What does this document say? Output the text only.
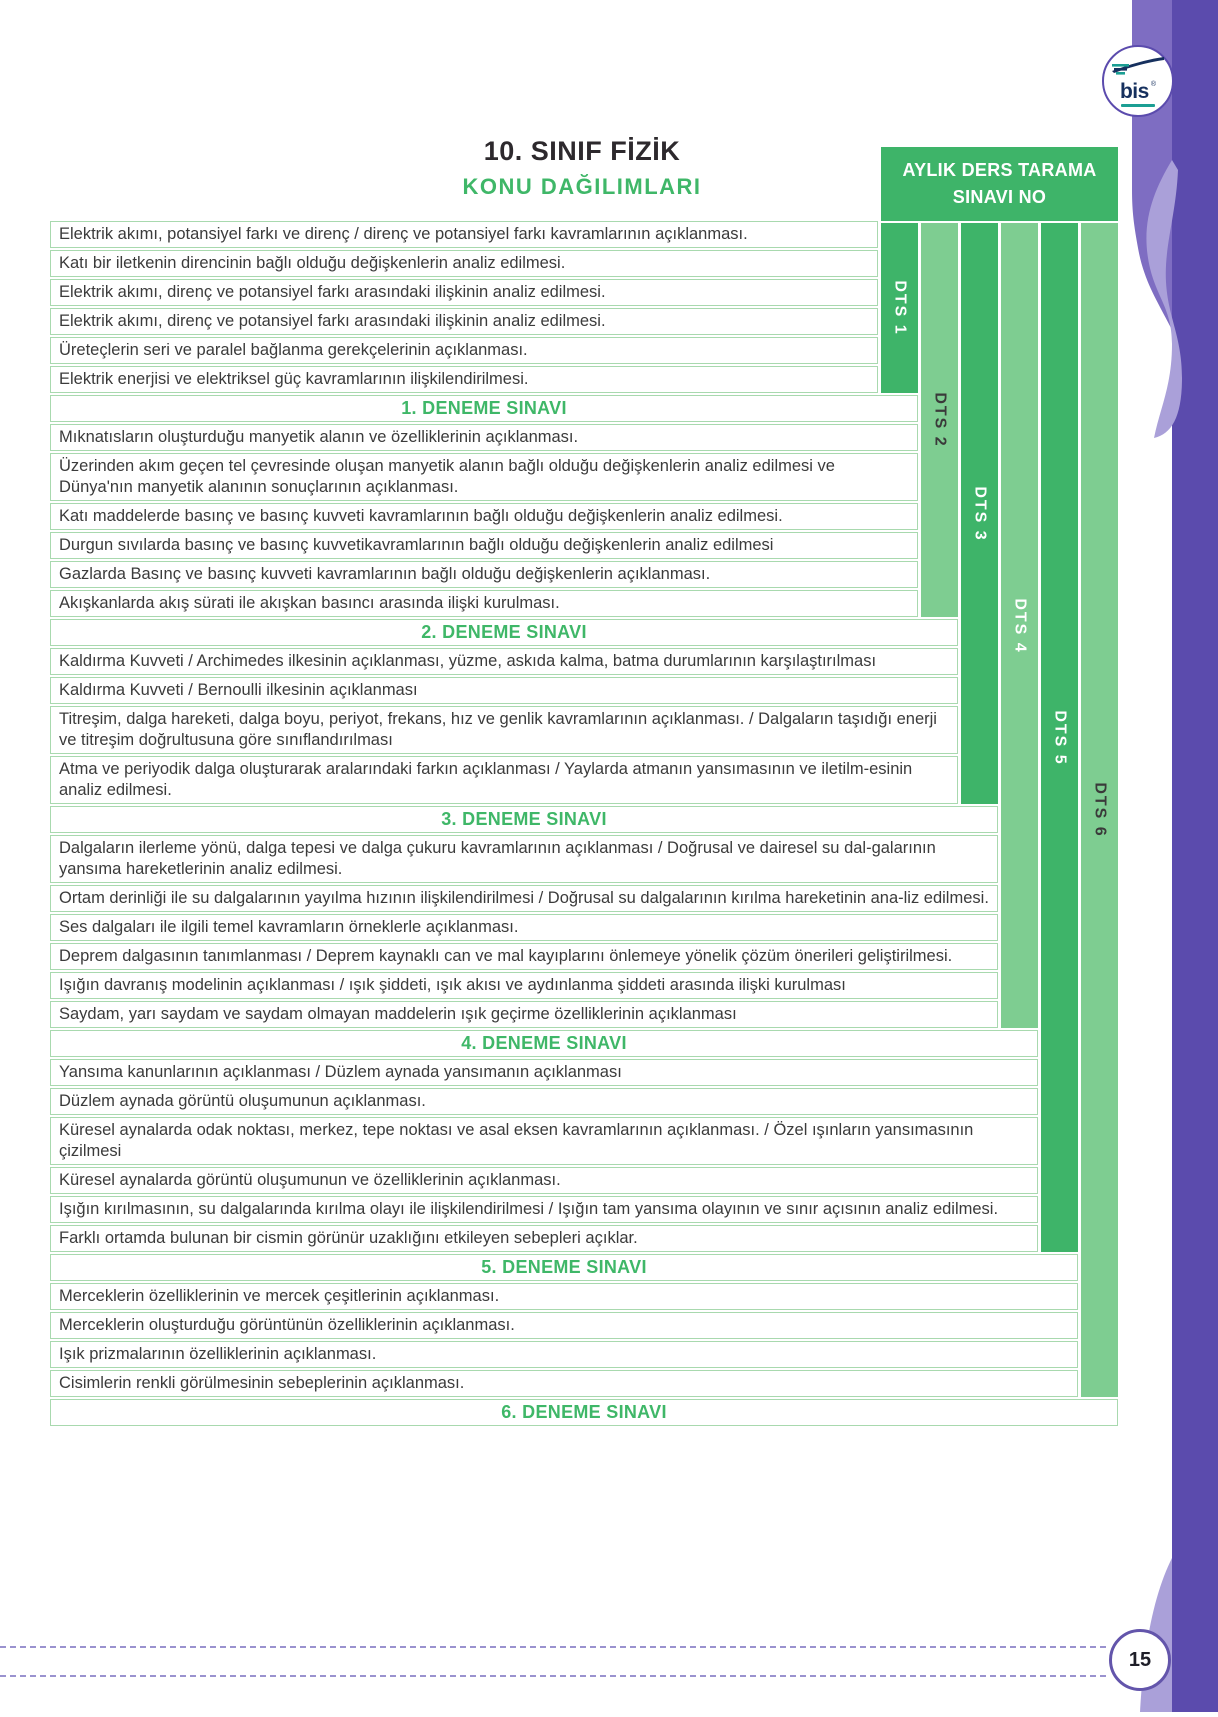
bis ®
10. SINIF FİZİK
KONU DAĞILIMLARI
AYLIK DERS TARAMA
SINAVI NO
Elektrik akımı, potansiyel farkı ve direnç / direnç ve potansiyel farkı kavramlarının açıklanması.
Katı bir iletkenin direncinin bağlı olduğu değişkenlerin analiz edilmesi.
Elektrik akımı, direnç ve potansiyel farkı arasındaki ilişkinin analiz edilmesi.
Elektrik akımı, direnç ve potansiyel farkı arasındaki ilişkinin analiz edilmesi.
Üreteçlerin seri ve paralel bağlanma gerekçelerinin açıklanması.
Elektrik enerjisi ve elektriksel güç kavramlarının ilişkilendirilmesi.
1. DENEME SINAVI
Mıknatısların oluşturduğu manyetik alanın ve özelliklerinin açıklanması.
Üzerinden akım geçen tel çevresinde oluşan manyetik alanın bağlı olduğu değişkenlerin analiz edilmesi ve Dünya'nın manyetik alanının sonuçlarının açıklanması.
Katı maddelerde basınç ve basınç kuvveti kavramlarının bağlı olduğu değişkenlerin analiz edilmesi.
Durgun sıvılarda basınç ve basınç kuvvetikavramlarının bağlı olduğu değişkenlerin analiz edilmesi
Gazlarda Basınç ve basınç kuvveti kavramlarının bağlı olduğu değişkenlerin açıklanması.
Akışkanlarda akış sürati ile akışkan basıncı arasında ilişki kurulması.
2. DENEME SINAVI
Kaldırma Kuvveti / Archimedes ilkesinin açıklanması, yüzme, askıda kalma, batma durumlarının karşılaştırılması
Kaldırma Kuvveti / Bernoulli ilkesinin açıklanması
Titreşim, dalga hareketi, dalga boyu, periyot, frekans, hız ve genlik kavramlarının açıklanması. / Dalgaların taşıdığı enerji ve titreşim doğrultusuna göre sınıflandırılması
Atma ve periyodik dalga oluşturarak aralarındaki farkın açıklanması / Yaylarda atmanın yansımasının ve iletilm-esinin analiz edilmesi.
3. DENEME SINAVI
Dalgaların ilerleme yönü, dalga tepesi ve dalga çukuru kavramlarının açıklanması / Doğrusal ve dairesel su dal-galarının yansıma hareketlerinin analiz edilmesi.
Ortam derinliği ile su dalgalarının yayılma hızının ilişkilendirilmesi / Doğrusal su dalgalarının kırılma hareketinin ana-liz edilmesi.
Ses dalgaları ile ilgili temel kavramların örneklerle açıklanması.
Deprem dalgasının tanımlanması / Deprem kaynaklı can ve mal kayıplarını önlemeye yönelik çözüm önerileri geliştirilmesi.
Işığın davranış modelinin açıklanması / ışık şiddeti, ışık akısı ve aydınlanma şiddeti arasında ilişki kurulması
Saydam, yarı saydam ve saydam olmayan maddelerin ışık geçirme özelliklerinin açıklanması
4. DENEME SINAVI
Yansıma kanunlarının açıklanması / Düzlem aynada yansımanın açıklanması
Düzlem aynada görüntü oluşumunun açıklanması.
Küresel aynalarda odak noktası, merkez, tepe noktası ve asal eksen kavramlarının açıklanması. / Özel ışınların yansımasının çizilmesi
Küresel aynalarda görüntü oluşumunun ve özelliklerinin açıklanması.
Işığın kırılmasının, su dalgalarında kırılma olayı ile ilişkilendirilmesi / Işığın tam yansıma olayının ve sınır açısının analiz edilmesi.
Farklı ortamda bulunan bir cismin görünür uzaklığını etkileyen sebepleri açıklar.
5. DENEME SINAVI
Merceklerin özelliklerinin ve mercek çeşitlerinin açıklanması.
Merceklerin oluşturduğu görüntünün özelliklerinin açıklanması.
Işık prizmalarının özelliklerinin açıklanması.
Cisimlerin renkli görülmesinin sebeplerinin açıklanması.
6. DENEME SINAVI
DTS 1
DTS 2
DTS 3
DTS 4
DTS 5
DTS 6
15
